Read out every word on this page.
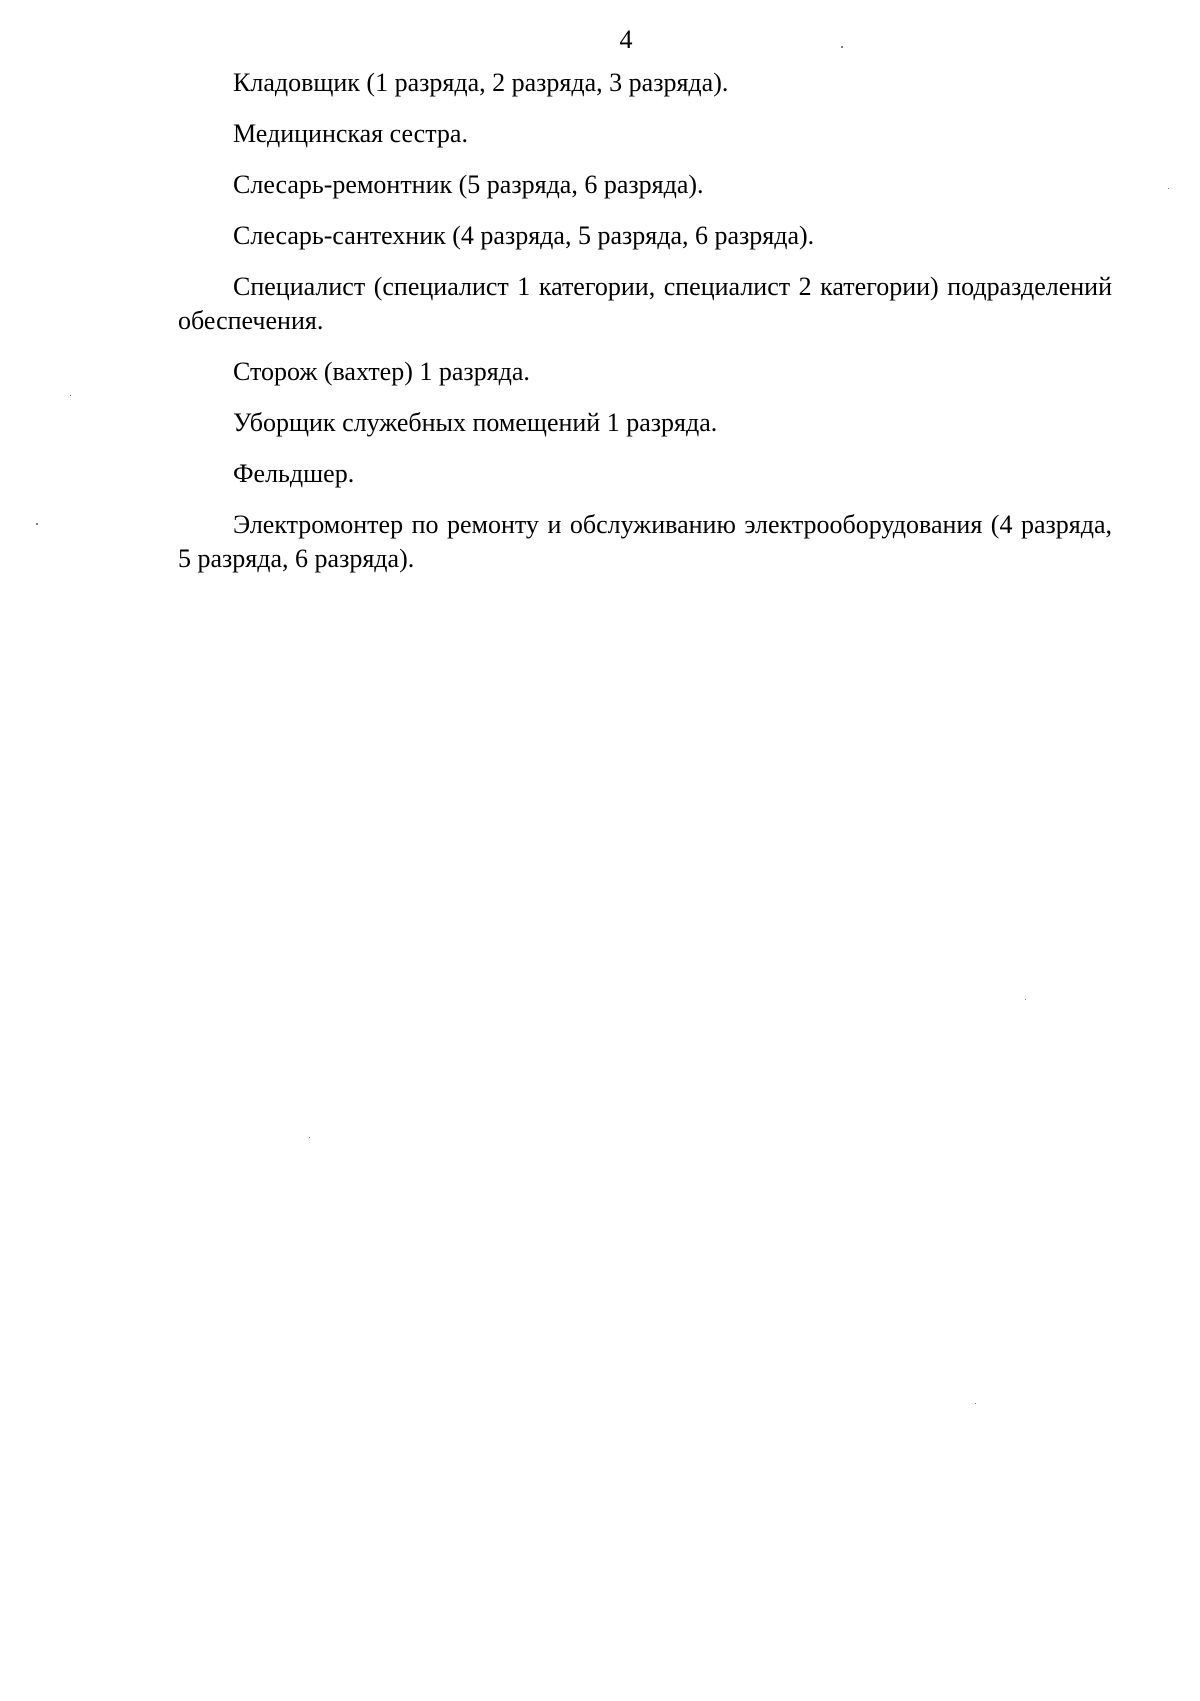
4

Кладовщик (1 разряда, 2 разряда, 3 разряда).

Медицинская сестра.

Слесарь-ремонтник (5 разряда, 6 разряда).

Слесарь-сантехник (4 разряда, 5 разряда, 6 разряда).

Специалист (специалист 1 категории, специалист 2 категории) подразделений обеспечения.

Сторож (вахтер) 1 разряда.

Уборщик служебных помещений 1 разряда.

Фельдшер.

Электромонтер по ремонту и обслуживанию электрооборудования (4 разряда, 5 разряда, 6 разряда).
